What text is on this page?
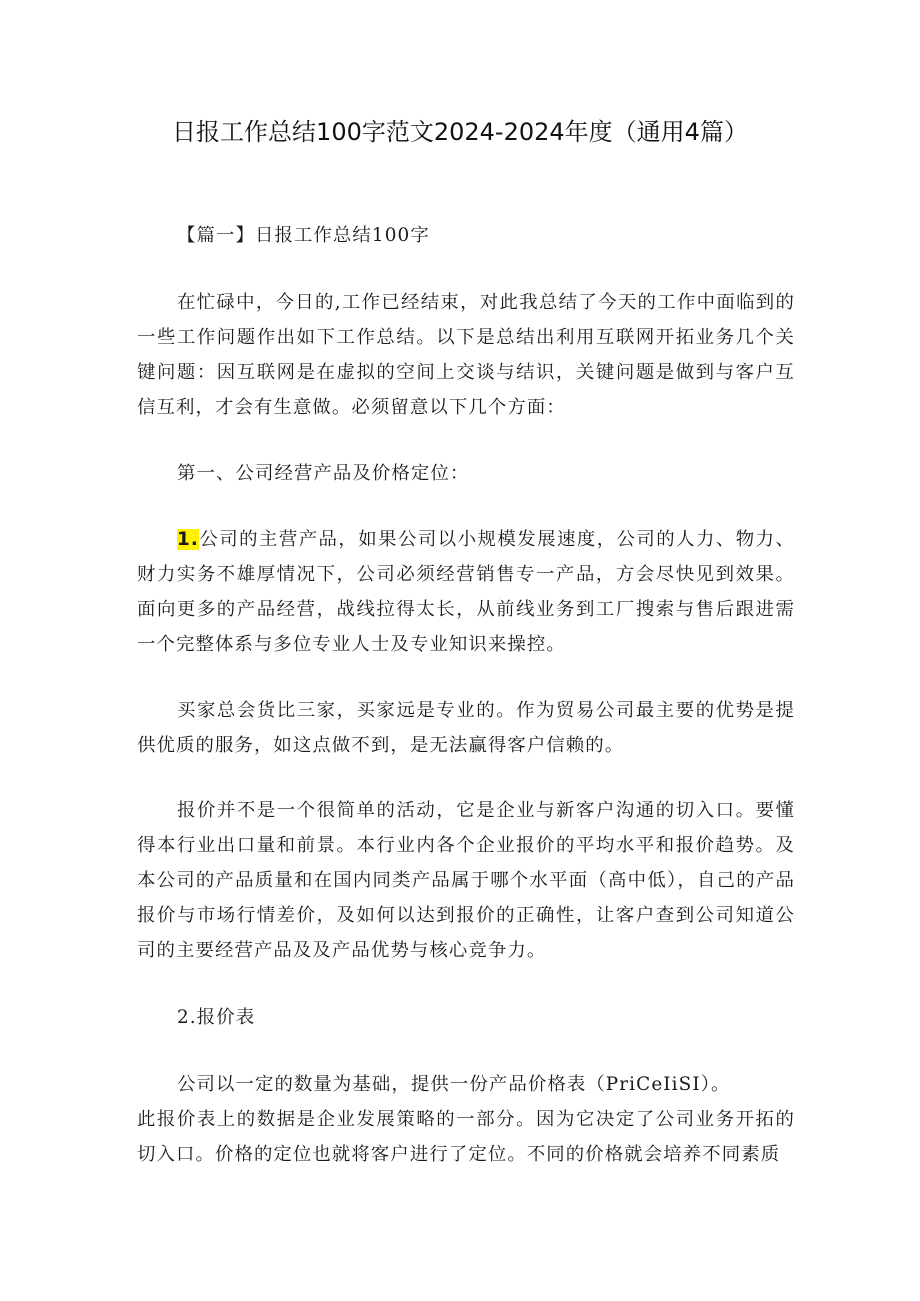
日报工作总结100字范文2024-2024年度（通用4篇）
【篇一】日报工作总结100字

在忙碌中，今日的,工作已经结束，对此我总结了今天的工作中面临到的一些工作问题作出如下工作总结。以下是总结出利用互联网开拓业务几个关键问题：因互联网是在虚拟的空间上交谈与结识，关键问题是做到与客户互信互利，才会有生意做。必须留意以下几个方面：

第一、公司经营产品及价格定位：

1.公司的主营产品，如果公司以小规模发展速度，公司的人力、物力、财力实务不雄厚情况下，公司必须经营销售专一产品，方会尽快见到效果。面向更多的产品经营，战线拉得太长，从前线业务到工厂搜索与售后跟进需一个完整体系与多位专业人士及专业知识来操控。

买家总会货比三家，买家远是专业的。作为贸易公司最主要的优势是提供优质的服务，如这点做不到，是无法赢得客户信赖的。

报价并不是一个很简单的活动，它是企业与新客户沟通的切入口。要懂得本行业出口量和前景。本行业内各个企业报价的平均水平和报价趋势。及本公司的产品质量和在国内同类产品属于哪个水平面（高中低），自己的产品报价与市场行情差价，及如何以达到报价的正确性，让客户查到公司知道公司的主要经营产品及及产品优势与核心竞争力。

2.报价表

公司以一定的数量为基础，提供一份产品价格表（PriCeIiSI）。

此报价表上的数据是企业发展策略的一部分。因为它决定了公司业务开拓的切入口。价格的定位也就将客户进行了定位。不同的价格就会培养不同素质
